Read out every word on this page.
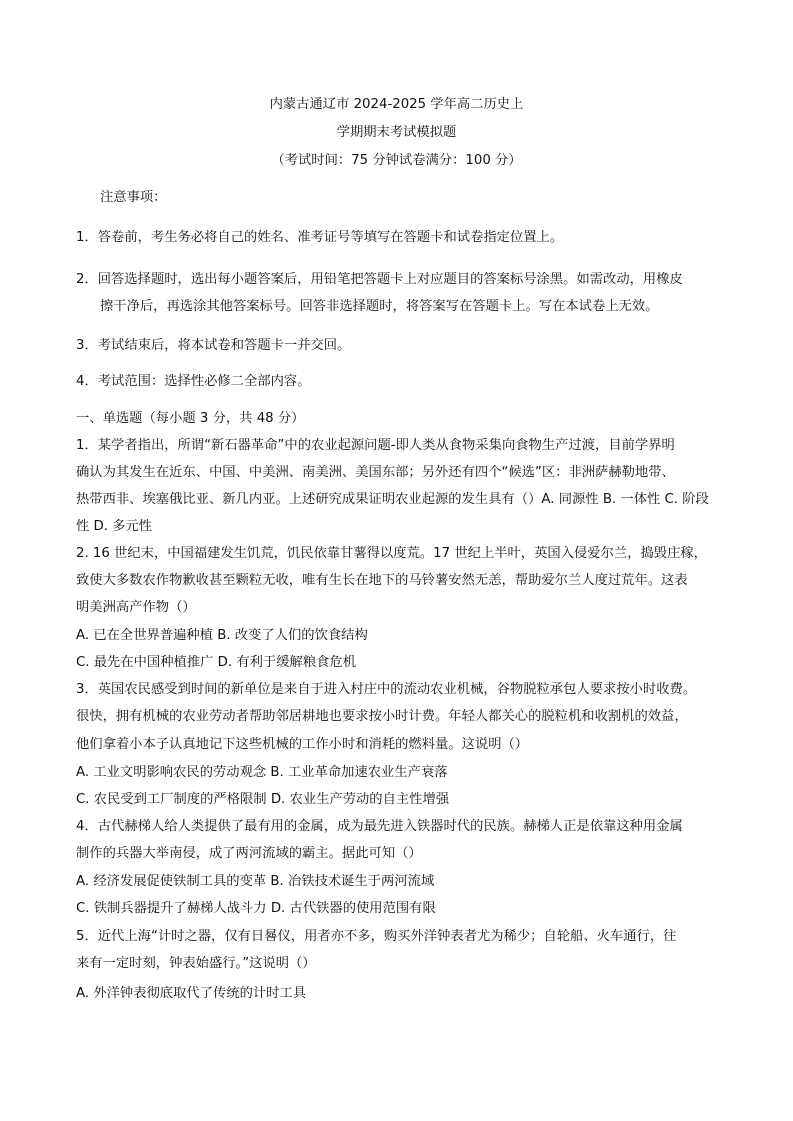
内蒙古通辽市 2024-2025 学年高二历史上
学期期末考试模拟题
（考试时间：75 分钟试卷满分：100 分）
注意事项：
1．答卷前，考生务必将自己的姓名、准考证号等填写在答题卡和试卷指定位置上。
2．回答选择题时，选出每小题答案后，用铅笔把答题卡上对应题目的答案标号涂黑。如需改动，用橡皮
擦干净后，再选涂其他答案标号。回答非选择题时，将答案写在答题卡上。写在本试卷上无效。
3．考试结束后，将本试卷和答题卡一并交回。
4．考试范围：选择性必修二全部内容。
一、单选题（每小题 3 分，共 48 分）
1．某学者指出，所谓“新石器革命”中的农业起源问题-即人类从食物采集向食物生产过渡，目前学界明
确认为其发生在近东、中国、中美洲、南美洲、美国东部；另外还有四个“候选”区：非洲萨赫勒地带、
热带西非、埃塞俄比亚、新几内亚。上述研究成果证明农业起源的发生具有（）A. 同源性 B. 一体性 C. 阶段
性 D. 多元性
2. 16 世纪末，中国福建发生饥荒，饥民依靠甘薯得以度荒。17 世纪上半叶，英国入侵爱尔兰，捣毁庄稼，
致使大多数农作物歉收甚至颗粒无收，唯有生长在地下的马铃薯安然无恙，帮助爱尔兰人度过荒年。这表
明美洲高产作物（）
A. 已在全世界普遍种植 B. 改变了人们的饮食结构
C. 最先在中国种植推广 D. 有利于缓解粮食危机
3．英国农民感受到时间的新单位是来自于进入村庄中的流动农业机械，谷物脱粒承包人要求按小时收费。
很快，拥有机械的农业劳动者帮助邻居耕地也要求按小时计费。年轻人都关心的脱粒机和收割机的效益，
他们拿着小本子认真地记下这些机械的工作小时和消耗的燃料量。这说明（）
A. 工业文明影响农民的劳动观念 B. 工业革命加速农业生产衰落
C. 农民受到工厂制度的严格限制 D. 农业生产劳动的自主性增强
4．古代赫梯人给人类提供了最有用的金属，成为最先进入铁器时代的民族。赫梯人正是依靠这种用金属
制作的兵器大举南侵，成了两河流域的霸主。据此可知（）
A. 经济发展促使铁制工具的变革 B. 冶铁技术诞生于两河流域
C. 铁制兵器提升了赫梯人战斗力 D. 古代铁器的使用范围有限
5．近代上海“计时之器，仅有日晷仪，用者亦不多，购买外洋钟表者尤为稀少；自轮船、火车通行，往
来有一定时刻，钟表始盛行。”这说明（）
A. 外洋钟表彻底取代了传统的计时工具
